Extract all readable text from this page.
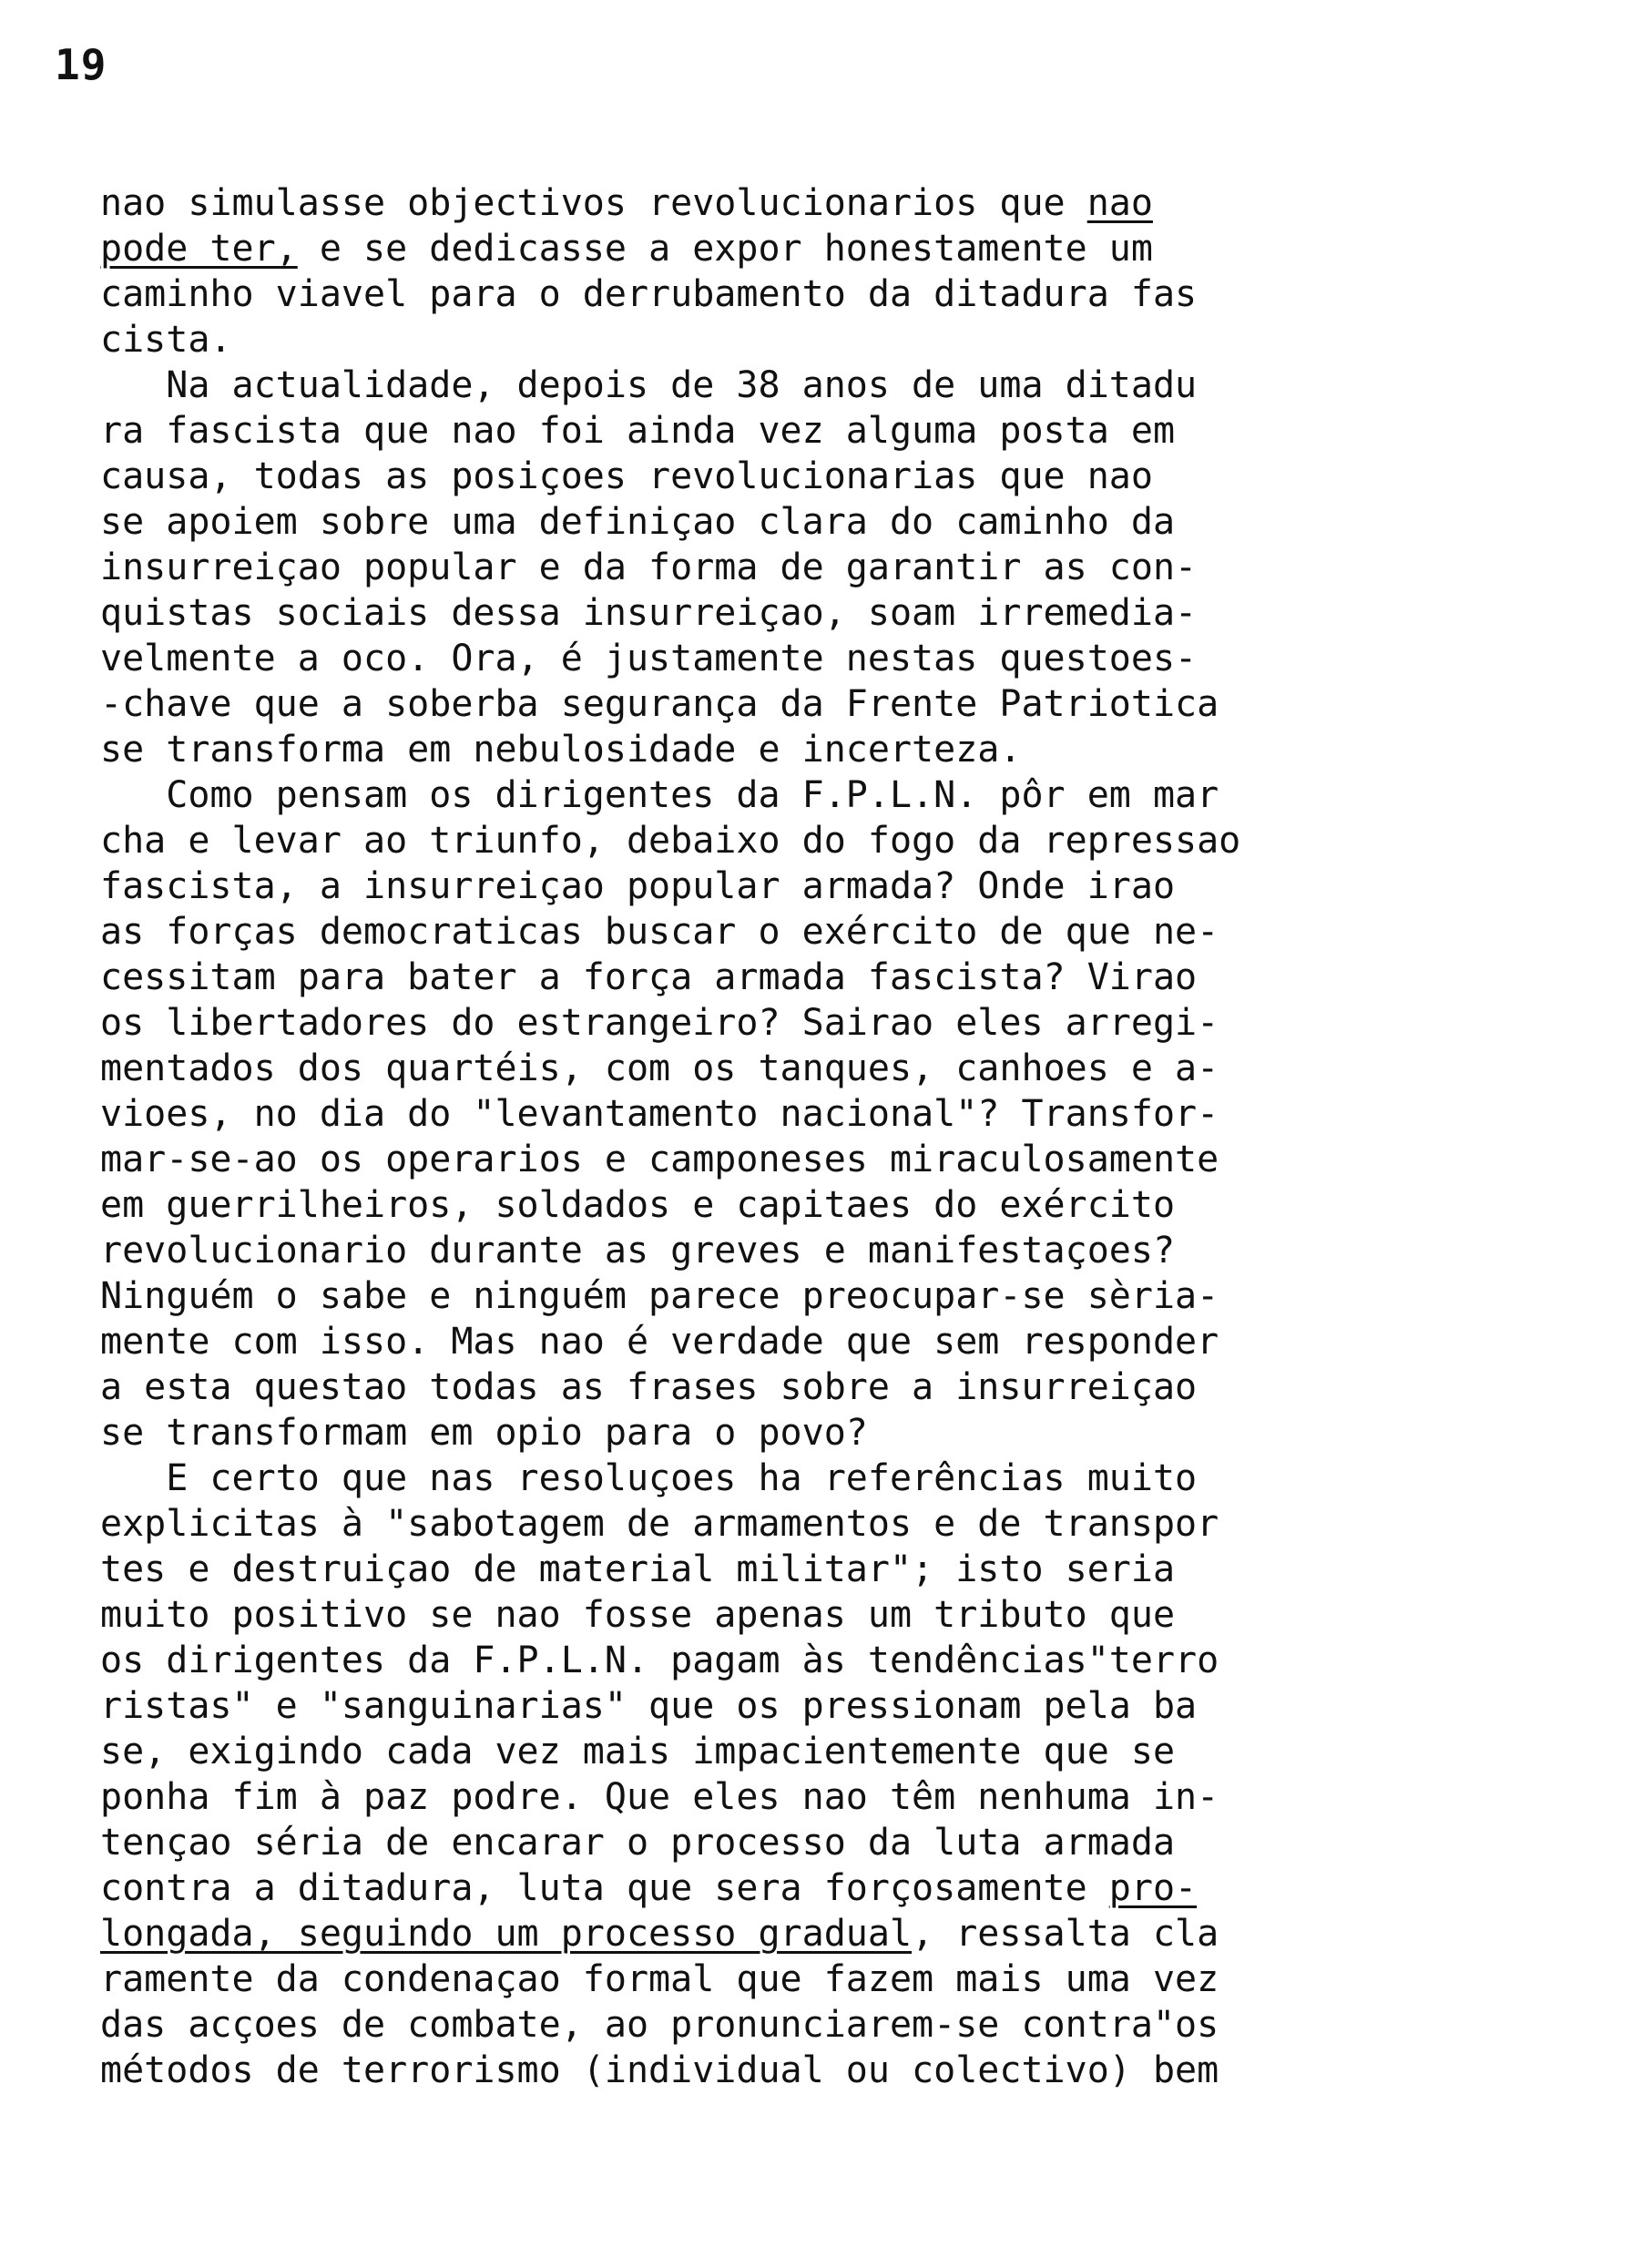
19
nao simulasse objectivos revolucionarios que nao
pode ter, e se dedicasse a expor honestamente um
caminho viavel para o derrubamento da ditadura fas
cista.
Na actualidade, depois de 38 anos de uma ditadu
ra fascista que nao foi ainda vez alguma posta em
causa, todas as posiçoes revolucionarias que nao
se apoiem sobre uma definiçao clara do caminho da
insurreiçao popular e da forma de garantir as con-
quistas sociais dessa insurreiçao, soam irremedia-
velmente a oco. Ora, é justamente nestas questoes-
-chave que a soberba segurança da Frente Patriotica
se transforma em nebulosidade e incerteza.
Como pensam os dirigentes da F.P.L.N. pôr em mar
cha e levar ao triunfo, debaixo do fogo da repressao
fascista, a insurreiçao popular armada? Onde irao
as forças democraticas buscar o exército de que ne-
cessitam para bater a força armada fascista? Virao
os libertadores do estrangeiro? Sairao eles arregi-
mentados dos quartéis, com os tanques, canhoes e a-
vioes, no dia do "levantamento nacional"? Transfor-
mar-se-ao os operarios e camponeses miraculosamente
em guerrilheiros, soldados e capitaes do exército
revolucionario durante as greves e manifestaçoes?
Ninguém o sabe e ninguém parece preocupar-se sèria-
mente com isso. Mas nao é verdade que sem responder
a esta questao todas as frases sobre a insurreiçao
se transformam em opio para o povo?
E certo que nas resoluçoes ha referências muito
explicitas à "sabotagem de armamentos e de transpor
tes e destruiçao de material militar"; isto seria
muito positivo se nao fosse apenas um tributo que
os dirigentes da F.P.L.N. pagam às tendências"terro
ristas" e "sanguinarias" que os pressionam pela ba
se, exigindo cada vez mais impacientemente que se
ponha fim à paz podre. Que eles nao têm nenhuma in-
tençao séria de encarar o processo da luta armada
contra a ditadura, luta que sera forçosamente pro-
longada, seguindo um processo gradual, ressalta cla
ramente da condenaçao formal que fazem mais uma vez
das acçoes de combate, ao pronunciarem-se contra"os
métodos de terrorismo (individual ou colectivo) bem
